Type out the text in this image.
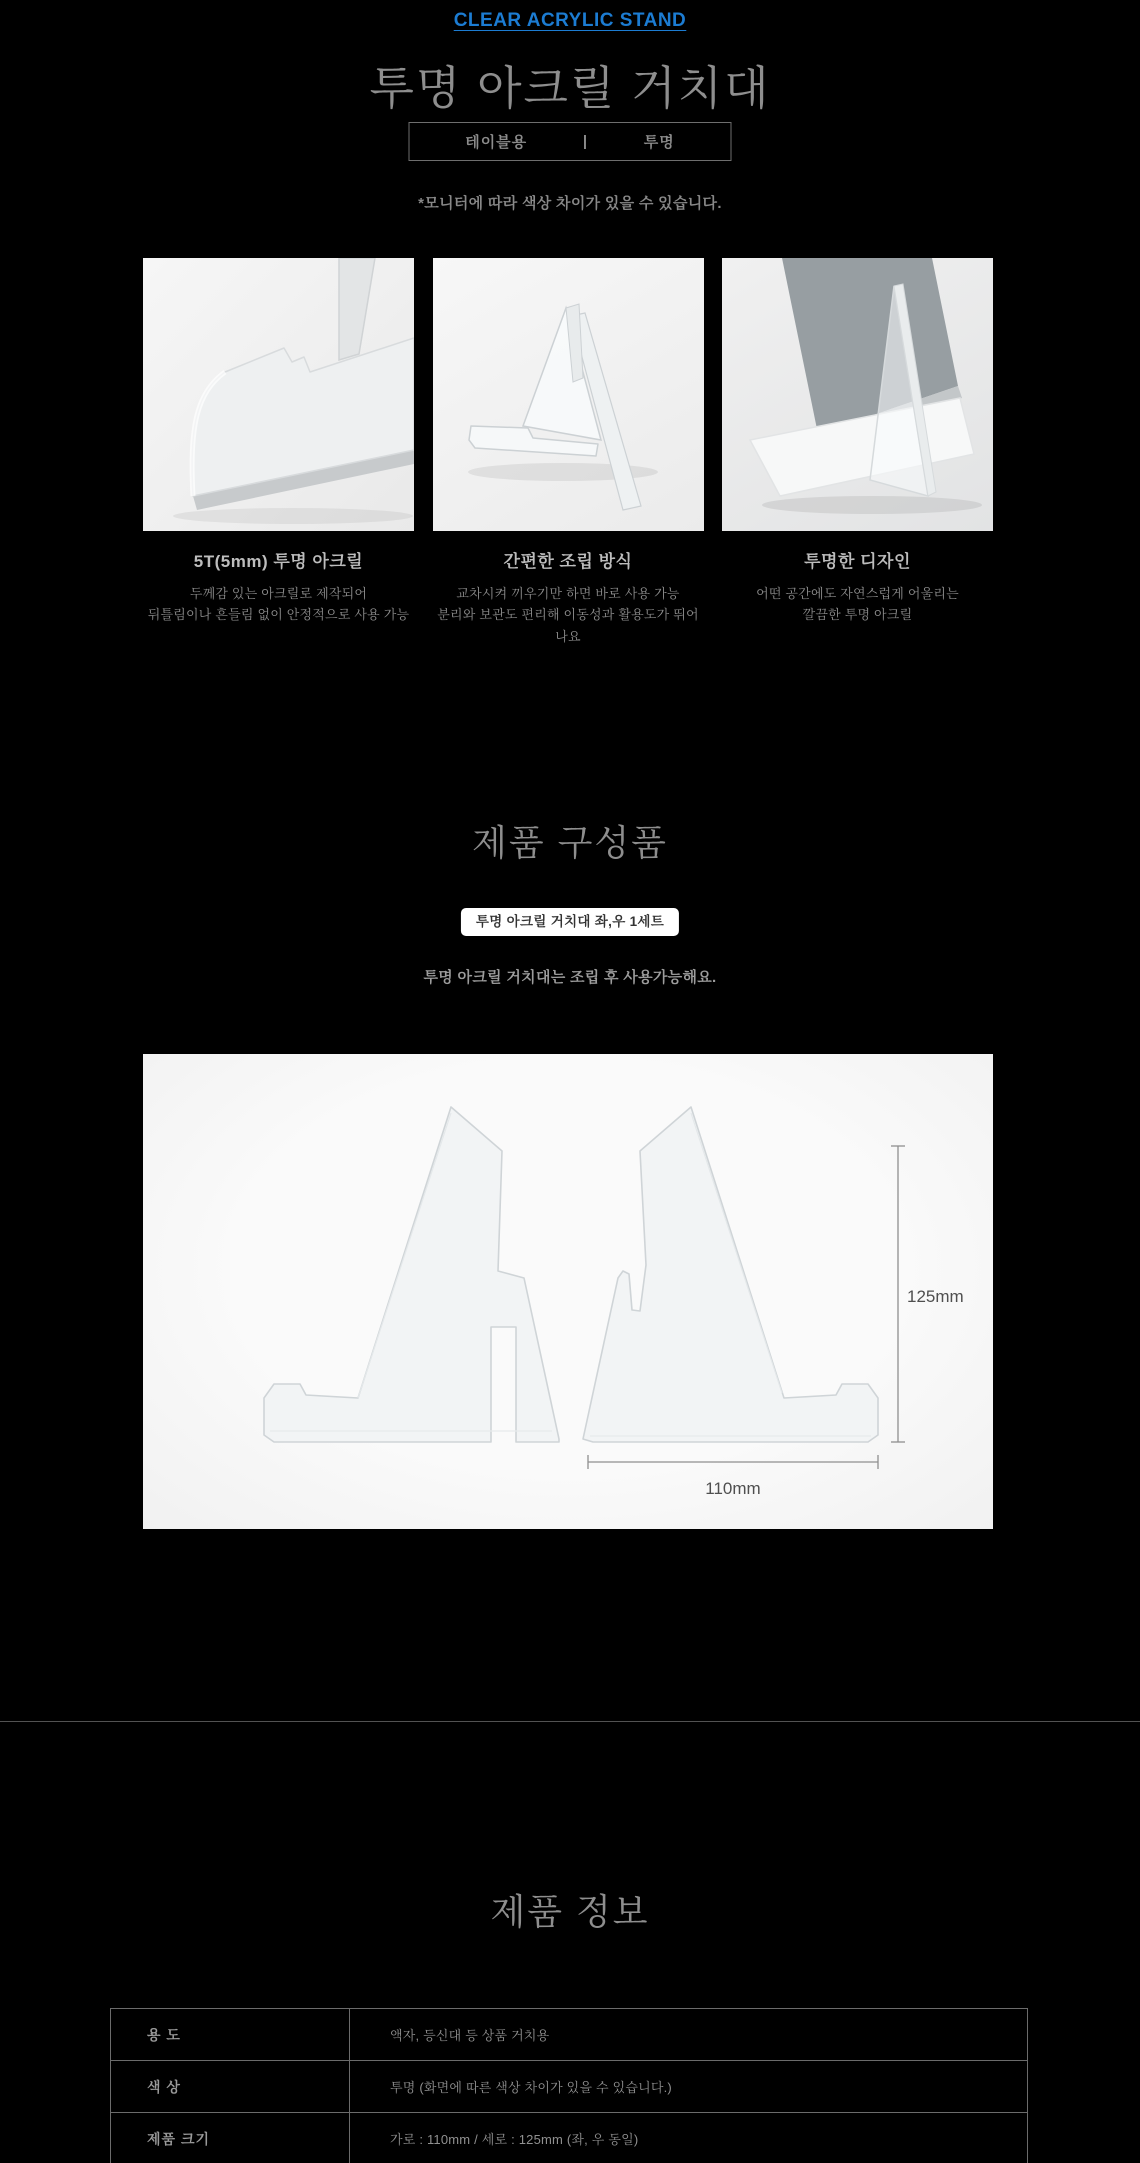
CLEAR ACRYLIC STAND
투명 아크릴 거치대
테이블용	|	투명
*모니터에 따라 색상 차이가 있을 수 있습니다.
5T(5mm) 투명 아크릴
두께감 있는 아크릴로 제작되어
뒤틀림이나 흔들림 없이 안정적으로 사용 가능
간편한 조립 방식
교차시켜 끼우기만 하면 바로 사용 가능
분리와 보관도 편리해 이동성과 활용도가 뛰어나요
투명한 디자인
어떤 공간에도 자연스럽게 어울리는
깔끔한 투명 아크릴
제품 구성품
투명 아크릴 거치대 좌,우 1세트
투명 아크릴 거치대는 조립 후 사용가능해요.
125mm
110mm
제품 정보
용 도	액자, 등신대 등 상품 거치용
색 상	투명 (화면에 따른 색상 차이가 있을 수 있습니다.)
제품 크기	가로 : 110mm / 세로 : 125mm (좌, 우 동일)
